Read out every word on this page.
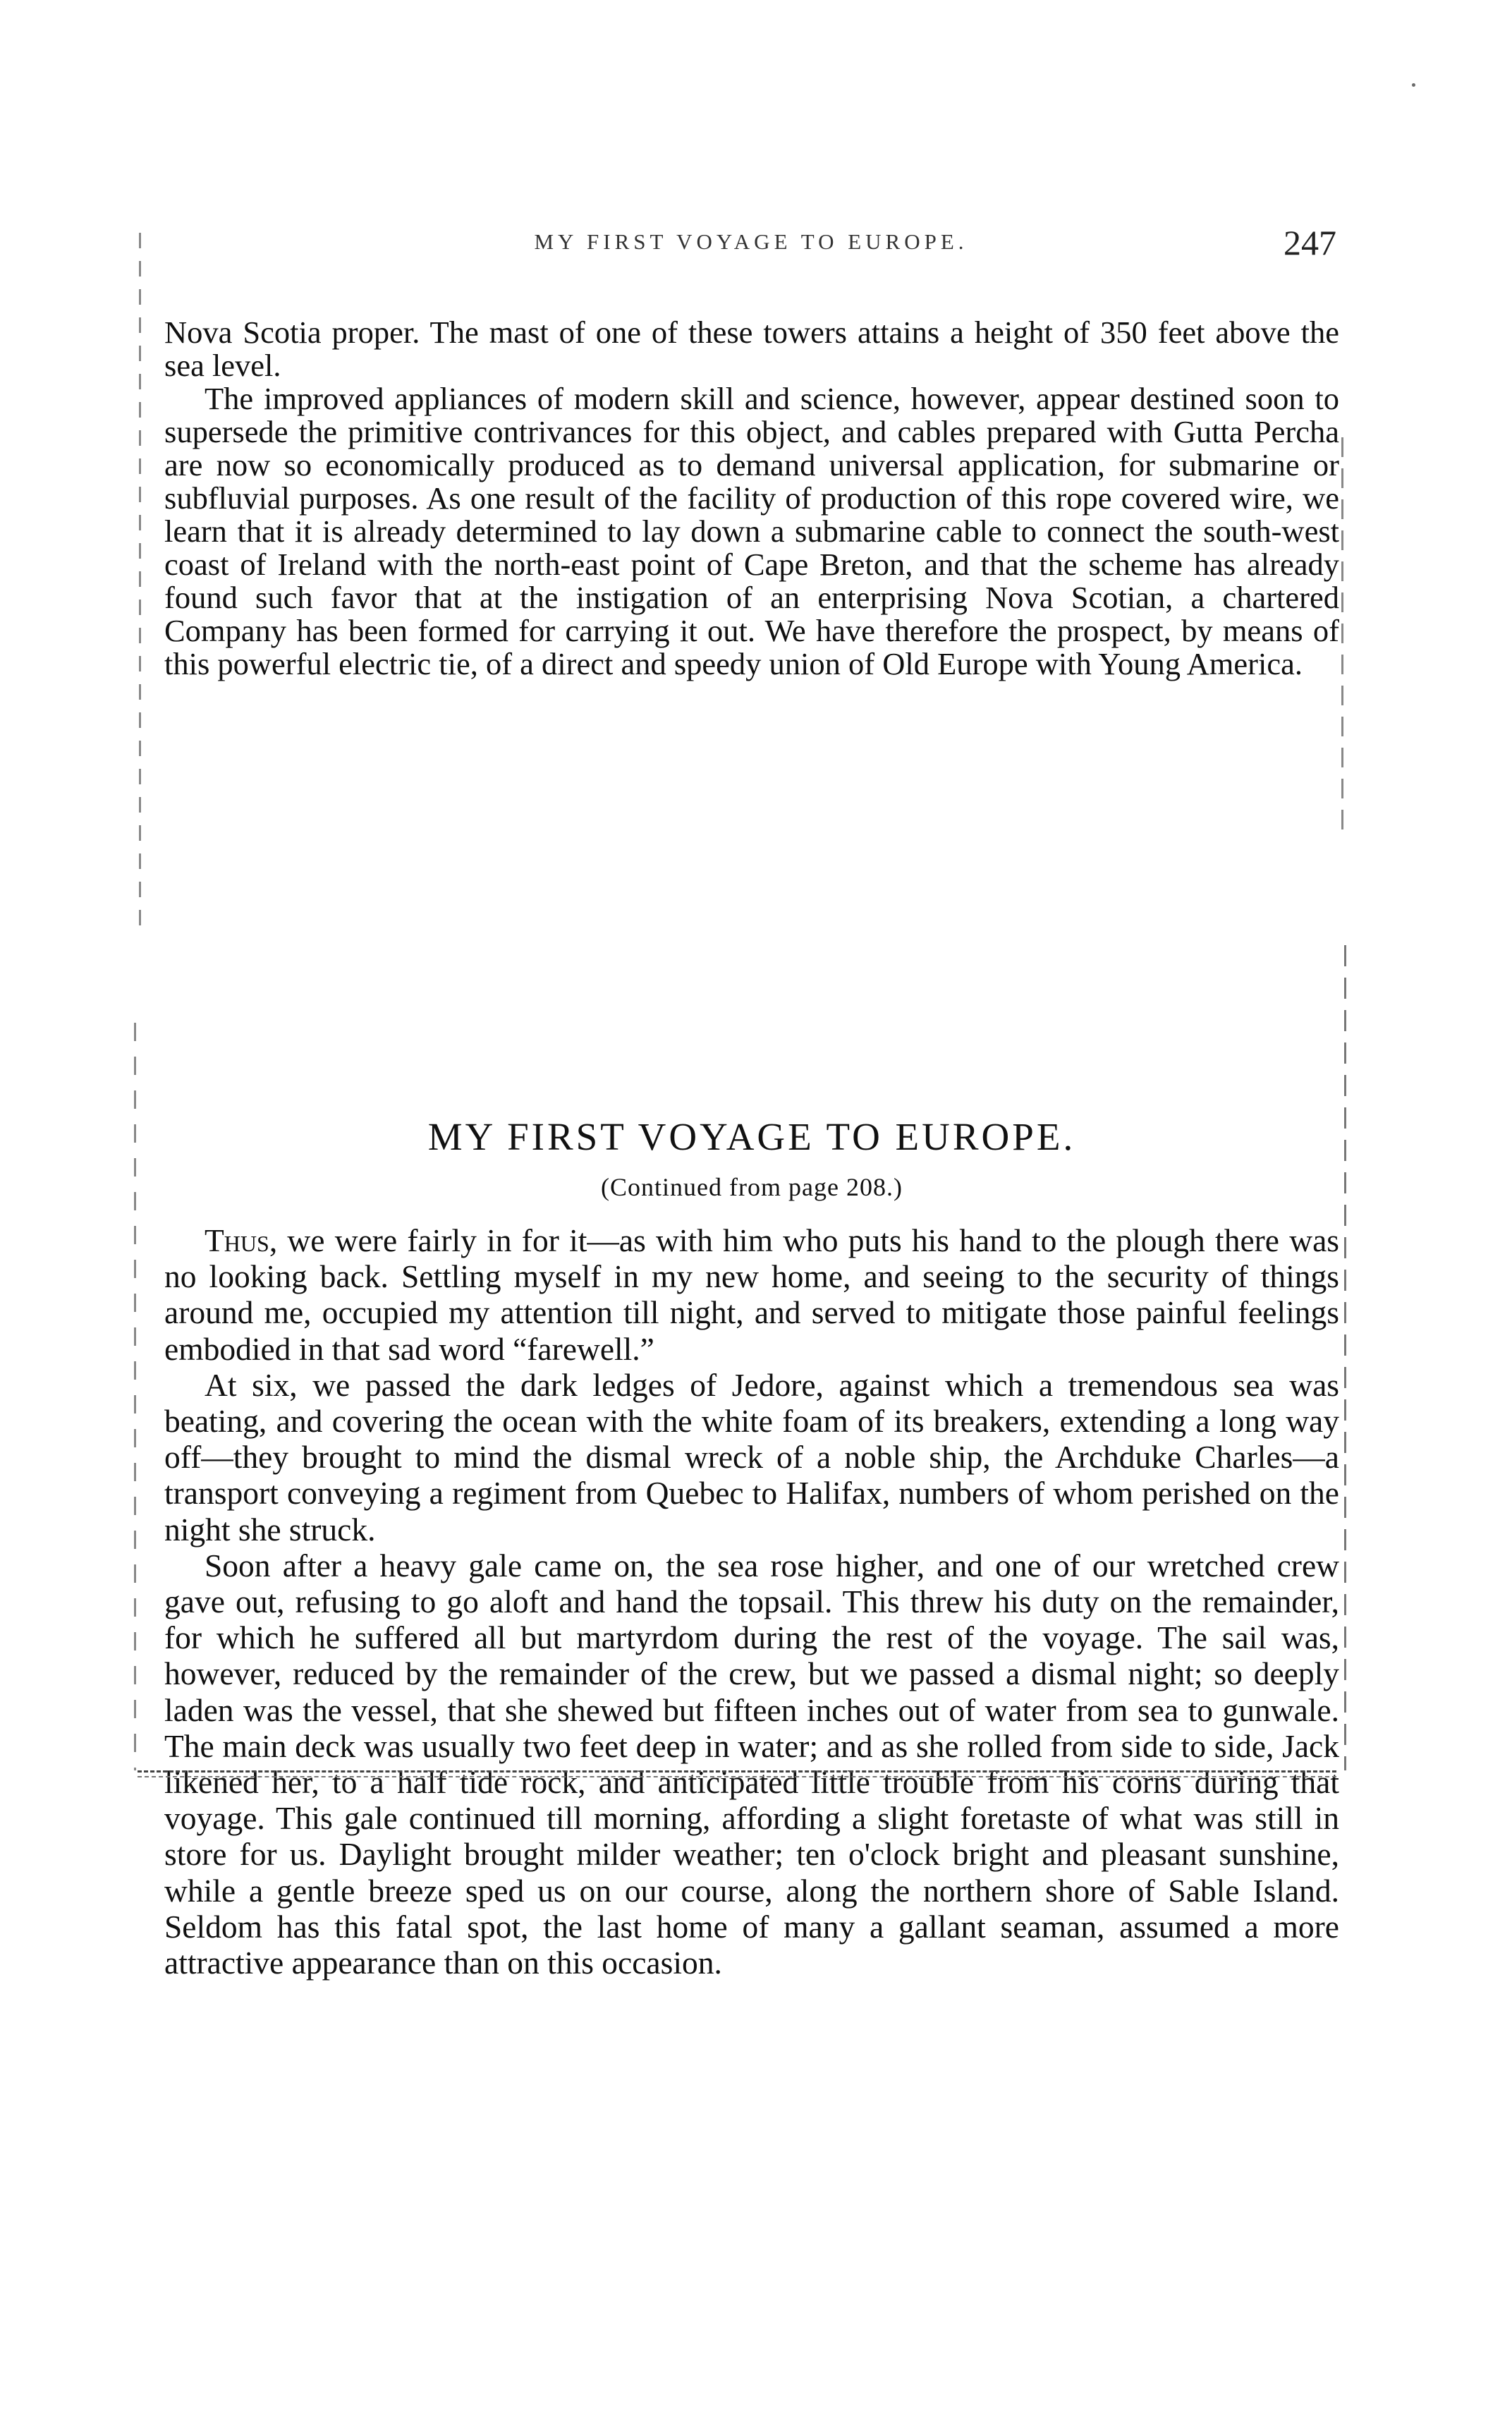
MY FIRST VOYAGE TO EUROPE.	247

Nova Scotia proper. The mast of one of these towers attains a height of 350 feet above the sea level.

The improved appliances of modern skill and science, however, appear destined soon to supersede the primitive contrivances for this object, and cables prepared with Gutta Percha are now so economically produced as to demand universal application, for submarine or subfluvial purposes. As one result of the facility of production of this rope covered wire, we learn that it is already determined to lay down a submarine cable to connect the south-west coast of Ireland with the north-east point of Cape Breton, and that the scheme has already found such favor that at the instigation of an enterprising Nova Scotian, a chartered Company has been formed for carrying it out. We have therefore the prospect, by means of this powerful electric tie, of a direct and speedy union of Old Europe with Young America.

MY FIRST VOYAGE TO EUROPE.
(Continued from page 208.)

Thus, we were fairly in for it—as with him who puts his hand to the plough there was no looking back. Settling myself in my new home, and seeing to the security of things around me, occupied my attention till night, and served to mitigate those painful feelings embodied in that sad word “farewell.”

At six, we passed the dark ledges of Jedore, against which a tremendous sea was beating, and covering the ocean with the white foam of its breakers, extending a long way off—they brought to mind the dismal wreck of a noble ship, the Archduke Charles—a transport conveying a regiment from Quebec to Halifax, numbers of whom perished on the night she struck.

Soon after a heavy gale came on, the sea rose higher, and one of our wretched crew gave out, refusing to go aloft and hand the topsail. This threw his duty on the remainder, for which he suffered all but martyrdom during the rest of the voyage. The sail was, however, reduced by the remainder of the crew, but we passed a dismal night; so deeply laden was the vessel, that she shewed but fifteen inches out of water from sea to gunwale. The main deck was usually two feet deep in water; and as she rolled from side to side, Jack likened her, to a half tide rock, and anticipated little trouble from his corns during that voyage. This gale continued till morning, affording a slight foretaste of what was still in store for us. Daylight brought milder weather; ten o'clock bright and pleasant sunshine, while a gentle breeze sped us on our course, along the northern shore of Sable Island. Seldom has this fatal spot, the last home of many a gallant seaman, assumed a more attractive appearance than on this occasion.
